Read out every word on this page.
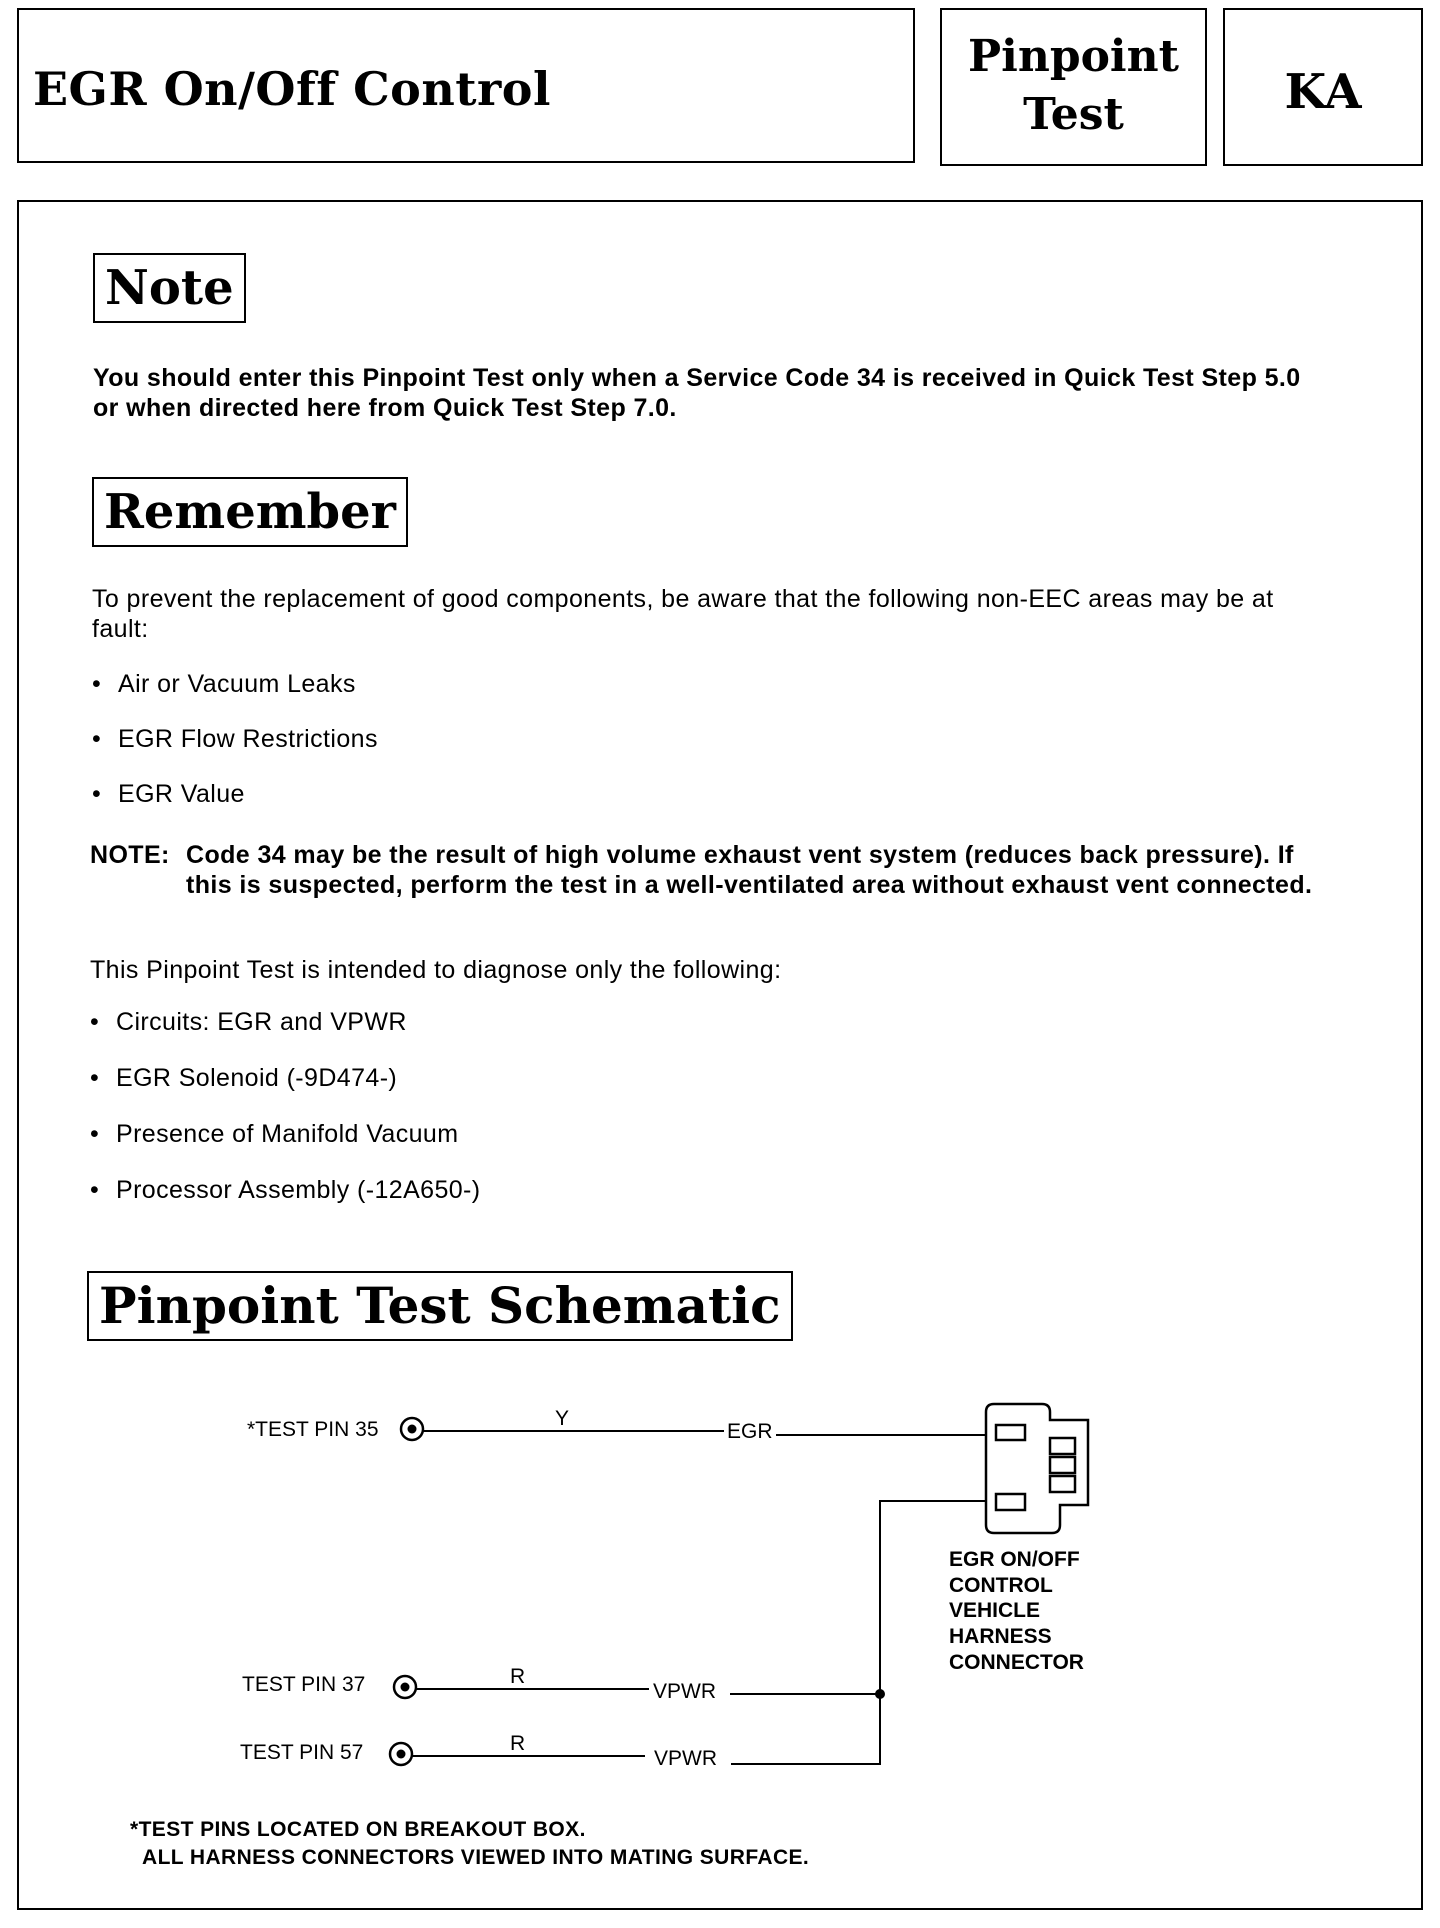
EGR On/Off Control
Pinpoint
Test	KA
Note
You should enter this Pinpoint Test only when a Service Code 34 is received in Quick Test Step 5.0 or when directed here from Quick Test Step 7.0.
Remember
To prevent the replacement of good components, be aware that the following non-EEC areas may be at fault:
• Air or Vacuum Leaks
• EGR Flow Restrictions
• EGR Value
NOTE: Code 34 may be the result of high volume exhaust vent system (reduces back pressure). If this is suspected, perform the test in a well-ventilated area without exhaust vent connected.
This Pinpoint Test is intended to diagnose only the following:
• Circuits: EGR and VPWR
• EGR Solenoid (-9D474-)
• Presence of Manifold Vacuum
• Processor Assembly (-12A650-)
Pinpoint Test Schematic
*TEST PIN 35	Y
EGR
EGR ON/OFF CONTROL VEHICLE HARNESS CONNECTOR
TEST PIN 37	R
VPWR
TEST PIN 57	R
VPWR
*TEST PINS LOCATED ON BREAKOUT BOX.
ALL HARNESS CONNECTORS VIEWED INTO MATING SURFACE.
